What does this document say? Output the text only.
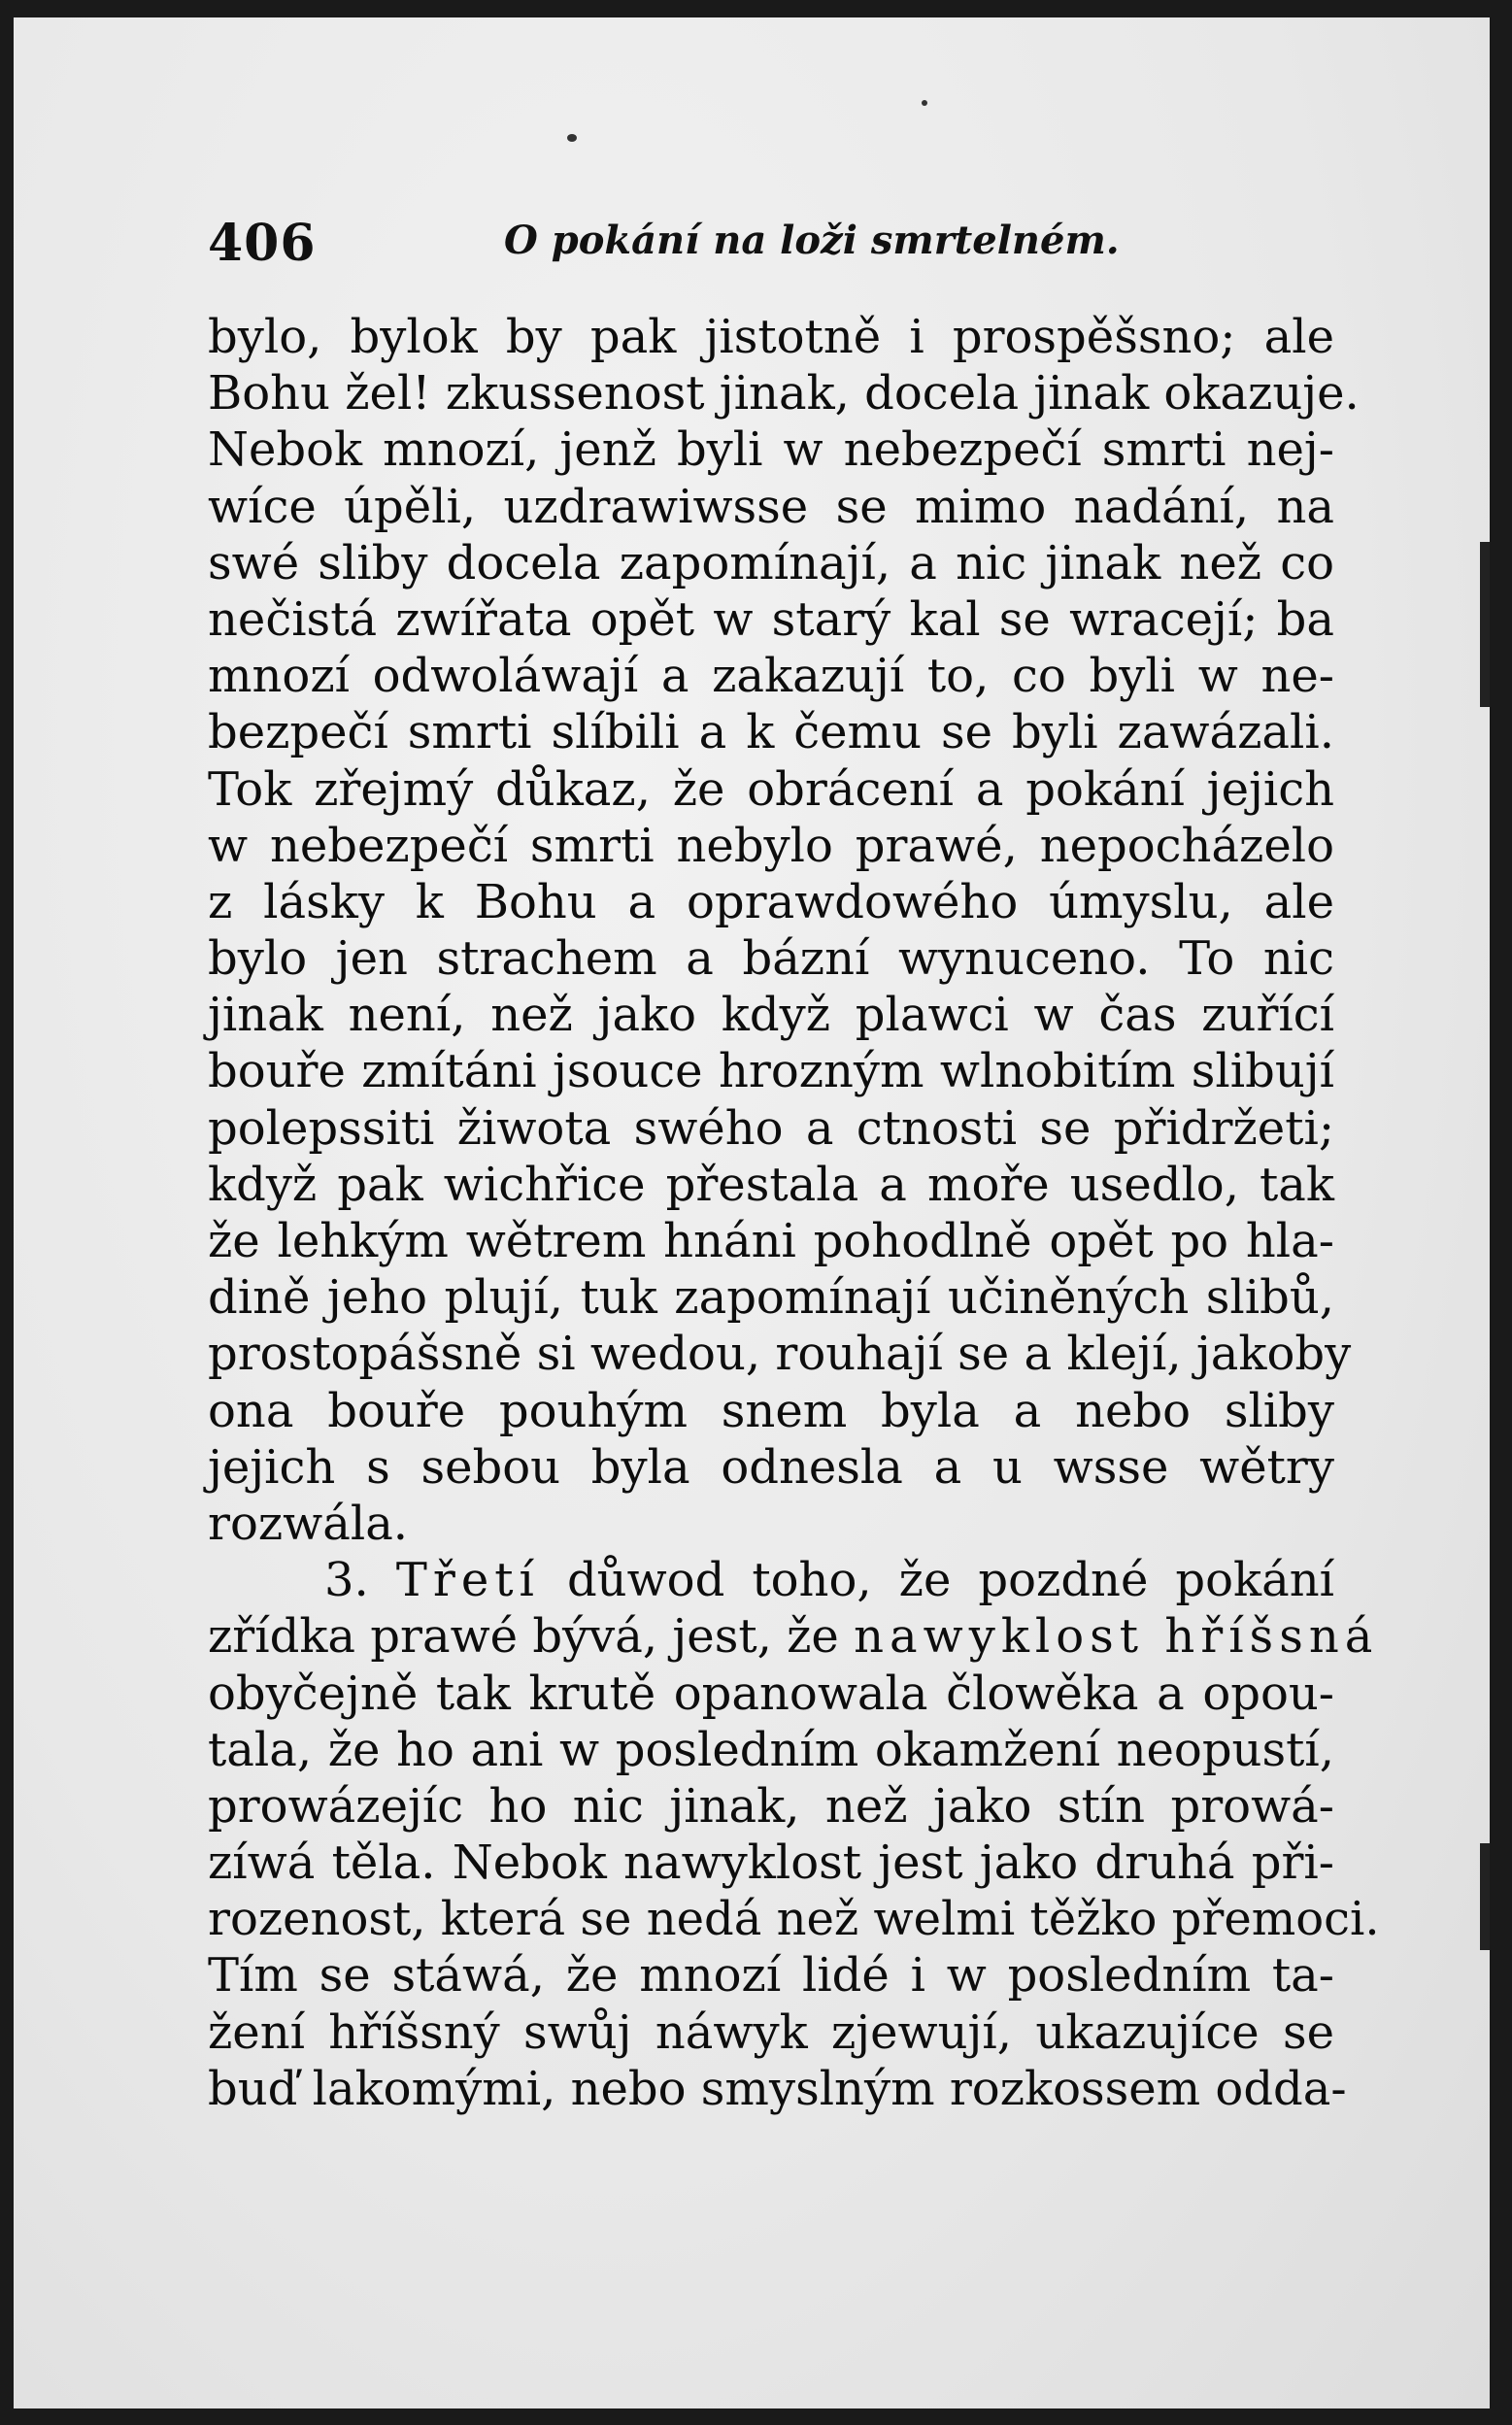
406	O pokání na loži smrtelném.
bylo, bylok by pak jistotně i prospěšsno; ale
Bohu žel! zkussenost jinak, docela jinak okazuje.
Nebok mnozí, jenž byli w nebezpečí smrti nej-
wíce úpěli, uzdrawiwsse se mimo nadání, na
swé sliby docela zapomínají, a nic jinak než co
nečistá zwířata opět w starý kal se wracejí; ba
mnozí odwoláwají a zakazují to, co byli w ne-
bezpečí smrti slíbili a k čemu se byli zawázali.
Tok zřejmý důkaz, že obrácení a pokání jejich
w nebezpečí smrti nebylo prawé, nepocházelo
z lásky k Bohu a oprawdowého úmyslu, ale
bylo jen strachem a bázní wynuceno. To nic
jinak není, než jako když plawci w čas zuřící
bouře zmítáni jsouce hrozným wlnobitím slibují
polepssiti žiwota swého a ctnosti se přidržeti;
když pak wichřice přestala a moře usedlo, tak
že lehkým wětrem hnáni pohodlně opět po hla-
dině jeho plují, tuk zapomínají učiněných slibů,
prostopášsně si wedou, rouhají se a klejí, jakoby
ona bouře pouhým snem byla a nebo sliby
jejich s sebou byla odnesla a u wsse wětry
rozwála.
3. Třetí důwod toho, že pozdné pokání
zřídka prawé bývá, jest, že nawyklost hříšsná
obyčejně tak krutě opanowala člowěka a opou-
tala, že ho ani w posledním okamžení neopustí,
prowázejíc ho nic jinak, než jako stín prowá-
zíwá těla. Nebok nawyklost jest jako druhá při-
rozenost, která se nedá než welmi těžko přemoci.
Tím se stáwá, že mnozí lidé i w posledním ta-
žení hříšsný swůj náwyk zjewují, ukazujíce se
buď lakomými, nebo smyslným rozkossem odda-
